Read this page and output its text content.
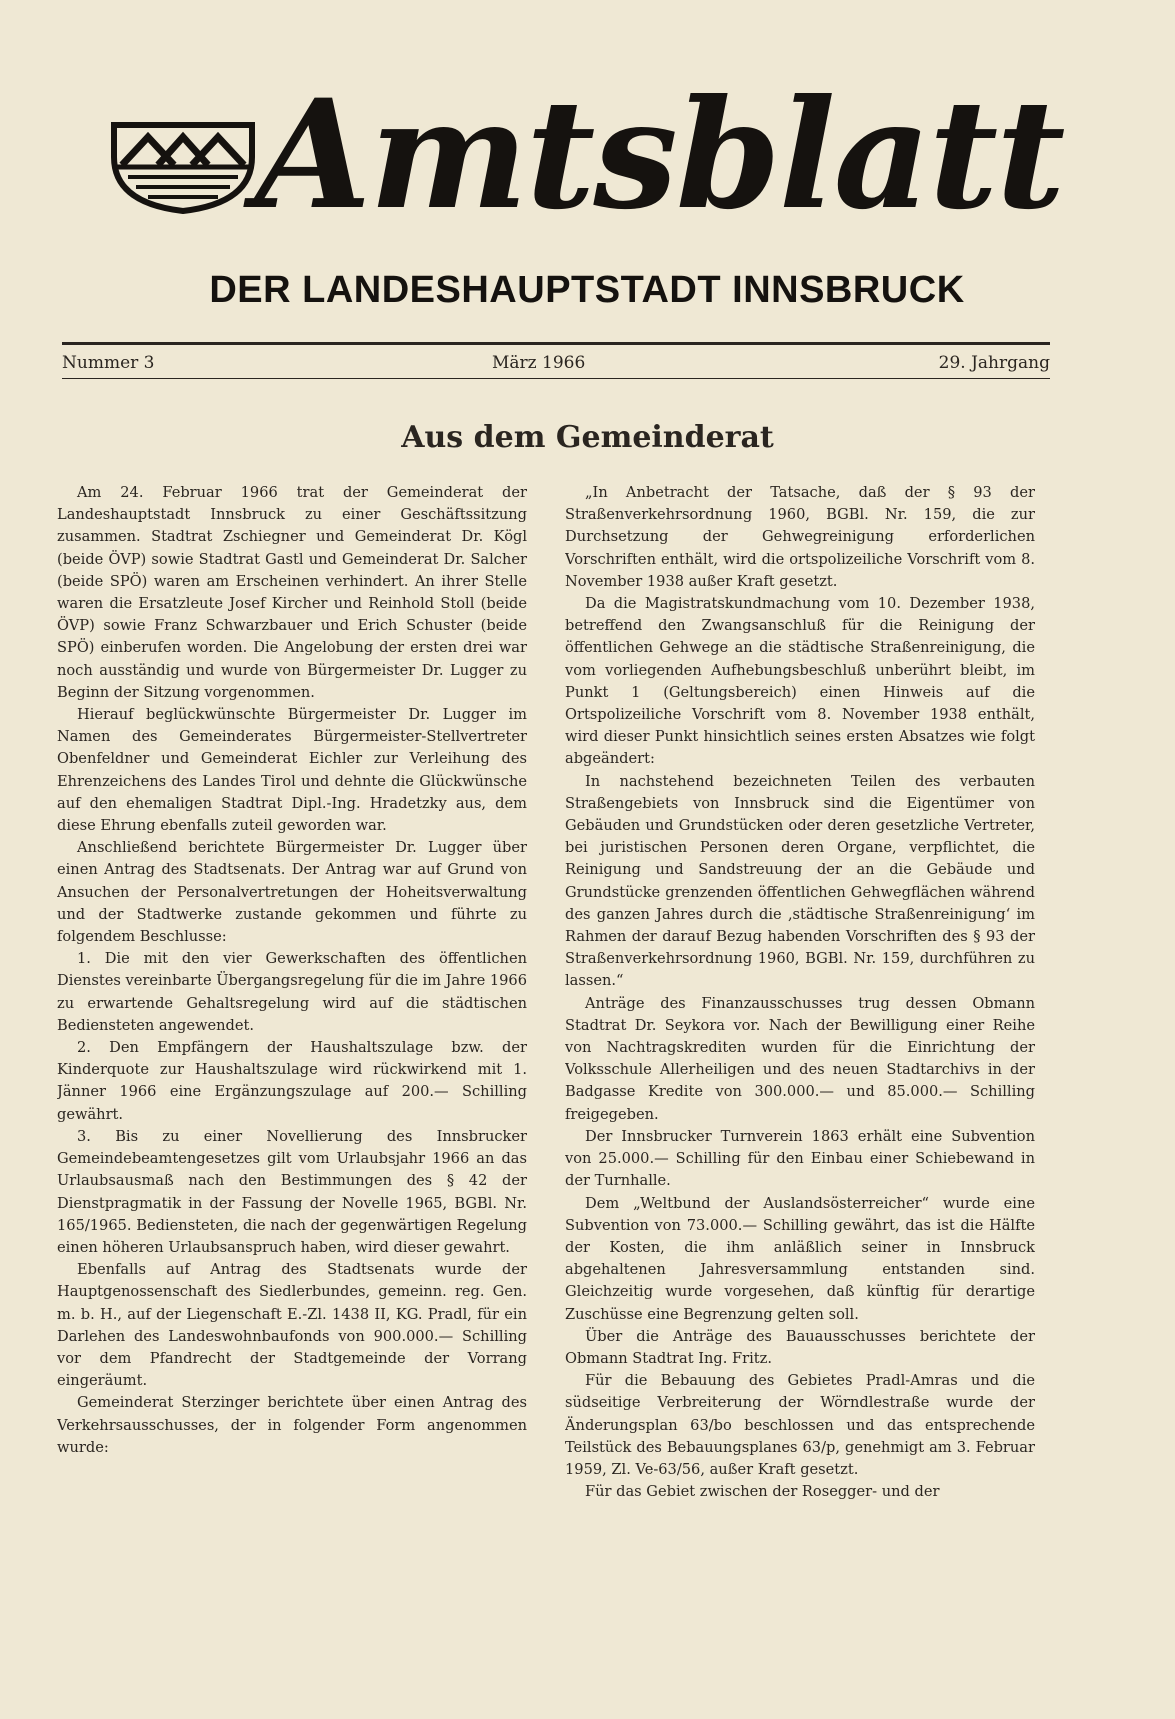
Amtsblatt
DER LANDESHAUPTSTADT INNSBRUCK
Nummer 3	März 1966	29. Jahrgang
Aus dem Gemeinderat

Am 24. Februar 1966 trat der Gemeinderat der Landeshauptstadt Innsbruck zu einer Geschäftssitzung zusammen. Stadtrat Zschiegner und Gemeinderat Dr. Kögl (beide ÖVP) sowie Stadtrat Gastl und Gemeinderat Dr. Salcher (beide SPÖ) waren am Erscheinen verhindert. An ihrer Stelle waren die Ersatzleute Josef Kircher und Reinhold Stoll (beide ÖVP) sowie Franz Schwarzbauer und Erich Schuster (beide SPÖ) einberufen worden. Die Angelobung der ersten drei war noch ausständig und wurde von Bürgermeister Dr. Lugger zu Beginn der Sitzung vorgenommen.

Hierauf beglückwünschte Bürgermeister Dr. Lugger im Namen des Gemeinderates Bürgermeister-Stellvertreter Obenfeldner und Gemeinderat Eichler zur Verleihung des Ehrenzeichens des Landes Tirol und dehnte die Glückwünsche auf den ehemaligen Stadtrat Dipl.-Ing. Hradetzky aus, dem diese Ehrung ebenfalls zuteil geworden war.

Anschließend berichtete Bürgermeister Dr. Lugger über einen Antrag des Stadtsenats. Der Antrag war auf Grund von Ansuchen der Personalvertretungen der Hoheitsverwaltung und der Stadtwerke zustande gekommen und führte zu folgendem Beschlusse:

1. Die mit den vier Gewerkschaften des öffentlichen Dienstes vereinbarte Übergangsregelung für die im Jahre 1966 zu erwartende Gehaltsregelung wird auf die städtischen Bediensteten angewendet.

2. Den Empfängern der Haushaltszulage bzw. der Kinderquote zur Haushaltszulage wird rückwirkend mit 1. Jänner 1966 eine Ergänzungszulage auf 200.— Schilling gewährt.

3. Bis zu einer Novellierung des Innsbrucker Gemeindebeamtengesetzes gilt vom Urlaubsjahr 1966 an das Urlaubsausmaß nach den Bestimmungen des § 42 der Dienstpragmatik in der Fassung der Novelle 1965, BGBl. Nr. 165/1965. Bediensteten, die nach der gegenwärtigen Regelung einen höheren Urlaubsanspruch haben, wird dieser gewahrt.

Ebenfalls auf Antrag des Stadtsenats wurde der Hauptgenossenschaft des Siedlerbundes, gemeinn. reg. Gen. m. b. H., auf der Liegenschaft E.-Zl. 1438 II, KG. Pradl, für ein Darlehen des Landeswohnbaufonds von 900.000.— Schilling vor dem Pfandrecht der Stadtgemeinde der Vorrang eingeräumt.

Gemeinderat Sterzinger berichtete über einen Antrag des Verkehrsausschusses, der in folgender Form angenommen wurde:

„In Anbetracht der Tatsache, daß der § 93 der Straßenverkehrsordnung 1960, BGBl. Nr. 159, die zur Durchsetzung der Gehwegreinigung erforderlichen Vorschriften enthält, wird die ortspolizeiliche Vorschrift vom 8. November 1938 außer Kraft gesetzt.

Da die Magistratskundmachung vom 10. Dezember 1938, betreffend den Zwangsanschluß für die Reinigung der öffentlichen Gehwege an die städtische Straßenreinigung, die vom vorliegenden Aufhebungsbeschluß unberührt bleibt, im Punkt 1 (Geltungsbereich) einen Hinweis auf die Ortspolizeiliche Vorschrift vom 8. November 1938 enthält, wird dieser Punkt hinsichtlich seines ersten Absatzes wie folgt abgeändert:

In nachstehend bezeichneten Teilen des verbauten Straßengebiets von Innsbruck sind die Eigentümer von Gebäuden und Grundstücken oder deren gesetzliche Vertreter, bei juristischen Personen deren Organe, verpflichtet, die Reinigung und Sandstreuung der an die Gebäude und Grundstücke grenzenden öffentlichen Gehwegflächen während des ganzen Jahres durch die ‚städtische Straßenreinigung‘ im Rahmen der darauf Bezug habenden Vorschriften des § 93 der Straßenverkehrsordnung 1960, BGBl. Nr. 159, durchführen zu lassen.“

Anträge des Finanzausschusses trug dessen Obmann Stadtrat Dr. Seykora vor. Nach der Bewilligung einer Reihe von Nachtragskrediten wurden für die Einrichtung der Volksschule Allerheiligen und des neuen Stadtarchivs in der Badgasse Kredite von 300.000.— und 85.000.— Schilling freigegeben.

Der Innsbrucker Turnverein 1863 erhält eine Subvention von 25.000.— Schilling für den Einbau einer Schiebewand in der Turnhalle.

Dem „Weltbund der Auslandsösterreicher“ wurde eine Subvention von 73.000.— Schilling gewährt, das ist die Hälfte der Kosten, die ihm anläßlich seiner in Innsbruck abgehaltenen Jahresversammlung entstanden sind. Gleichzeitig wurde vorgesehen, daß künftig für derartige Zuschüsse eine Begrenzung gelten soll.

Über die Anträge des Bauausschusses berichtete der Obmann Stadtrat Ing. Fritz.

Für die Bebauung des Gebietes Pradl-Amras und die südseitige Verbreiterung der Wörndlestraße wurde der Änderungsplan 63/bo beschlossen und das entsprechende Teilstück des Bebauungsplanes 63/p, genehmigt am 3. Februar 1959, Zl. Ve-63/56, außer Kraft gesetzt.

Für das Gebiet zwischen der Rosegger- und der
